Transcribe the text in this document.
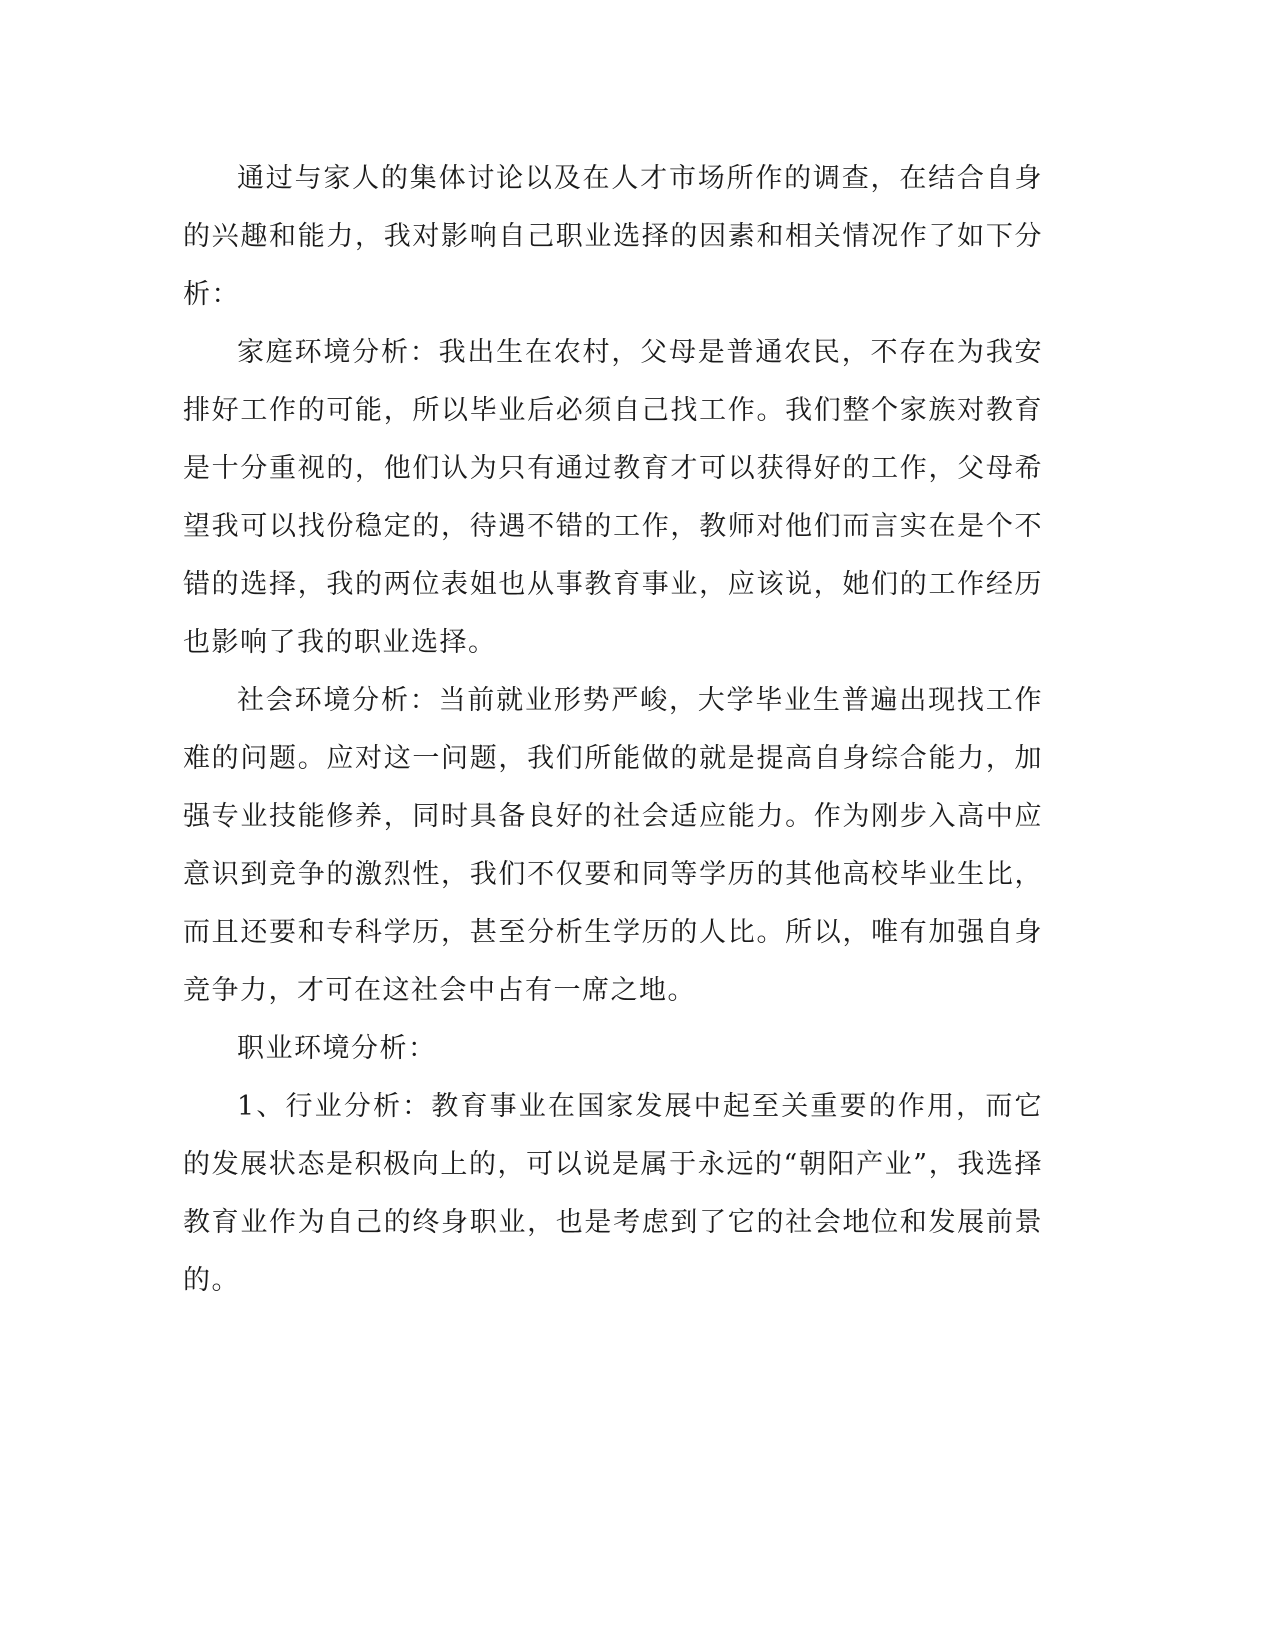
通过与家人的集体讨论以及在人才市场所作的调查，在结合自身的兴趣和能力，我对影响自己职业选择的因素和相关情况作了如下分析：

家庭环境分析：我出生在农村，父母是普通农民，不存在为我安排好工作的可能，所以毕业后必须自己找工作。我们整个家族对教育是十分重视的，他们认为只有通过教育才可以获得好的工作，父母希望我可以找份稳定的，待遇不错的工作，教师对他们而言实在是个不错的选择，我的两位表姐也从事教育事业，应该说，她们的工作经历也影响了我的职业选择。

社会环境分析：当前就业形势严峻，大学毕业生普遍出现找工作难的问题。应对这一问题，我们所能做的就是提高自身综合能力，加强专业技能修养，同时具备良好的社会适应能力。作为刚步入高中应意识到竞争的激烈性，我们不仅要和同等学历的其他高校毕业生比，而且还要和专科学历，甚至分析生学历的人比。所以，唯有加强自身竞争力，才可在这社会中占有一席之地。

职业环境分析：

1、行业分析：教育事业在国家发展中起至关重要的作用，而它的发展状态是积极向上的，可以说是属于永远的“朝阳产业”，我选择教育业作为自己的终身职业，也是考虑到了它的社会地位和发展前景的。
